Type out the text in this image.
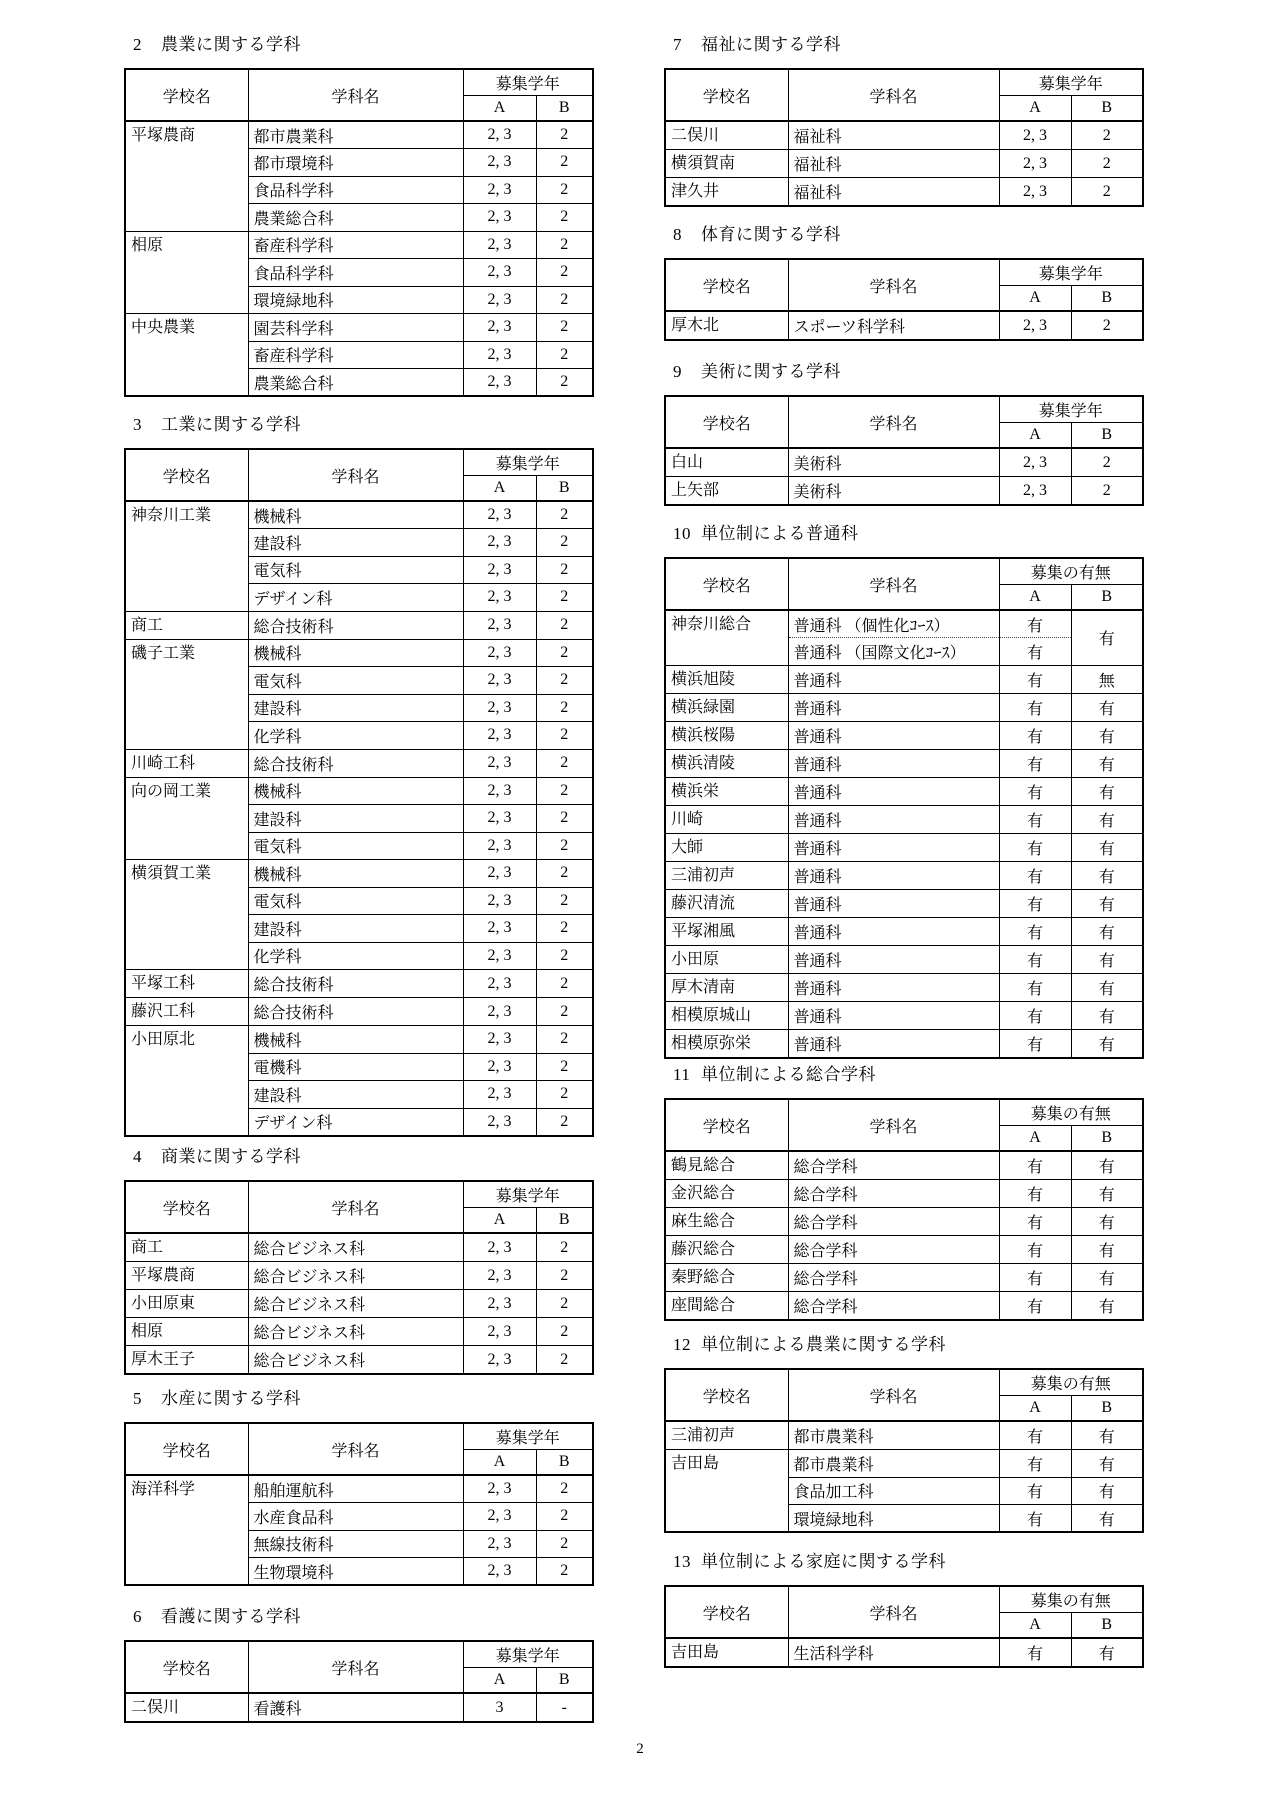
2
2 農業に関する学科
学校名	学科名	募集学年	
		A	B
平塚農商	都市農業科	2, 3	2
	都市環境科	2, 3	2
	食品科学科	2, 3	2
	農業総合科	2, 3	2
相原	畜産科学科	2, 3	2
	食品科学科	2, 3	2
	環境緑地科	2, 3	2
中央農業	園芸科学科	2, 3	2
	畜産科学科	2, 3	2
	農業総合科	2, 3	2
3 工業に関する学科
学校名	学科名	募集学年	
		A	B
神奈川工業	機械科	2, 3	2
	建設科	2, 3	2
	電気科	2, 3	2
	デザイン科	2, 3	2
商工	総合技術科	2, 3	2
磯子工業	機械科	2, 3	2
	電気科	2, 3	2
	建設科	2, 3	2
	化学科	2, 3	2
川崎工科	総合技術科	2, 3	2
向の岡工業	機械科	2, 3	2
	建設科	2, 3	2
	電気科	2, 3	2
横須賀工業	機械科	2, 3	2
	電気科	2, 3	2
	建設科	2, 3	2
	化学科	2, 3	2
平塚工科	総合技術科	2, 3	2
藤沢工科	総合技術科	2, 3	2
小田原北	機械科	2, 3	2
	電機科	2, 3	2
	建設科	2, 3	2
	デザイン科	2, 3	2
4 商業に関する学科
学校名	学科名	募集学年	
		A	B
商工	総合ビジネス科	2, 3	2
平塚農商	総合ビジネス科	2, 3	2
小田原東	総合ビジネス科	2, 3	2
相原	総合ビジネス科	2, 3	2
厚木王子	総合ビジネス科	2, 3	2
5 水産に関する学科
学校名	学科名	募集学年	
		A	B
海洋科学	船舶運航科	2, 3	2
	水産食品科	2, 3	2
	無線技術科	2, 3	2
	生物環境科	2, 3	2
6 看護に関する学科
学校名	学科名	募集学年	
		A	B
二俣川	看護科	3	-
7 福祉に関する学科
学校名	学科名	募集学年	
		A	B
二俣川	福祉科	2, 3	2
横須賀南	福祉科	2, 3	2
津久井	福祉科	2, 3	2
8 体育に関する学科
学校名	学科名	募集学年	
		A	B
厚木北	スポーツ科学科	2, 3	2
9 美術に関する学科
学校名	学科名	募集学年	
		A	B
白山	美術科	2, 3	2
上矢部	美術科	2, 3	2
10 単位制による普通科
学校名	学科名	募集の有無	
		A	B
神奈川総合	普通科 （個性化ｺｰｽ）	有	有
	普通科 （国際文化ｺｰｽ）	有	
横浜旭陵	普通科	有	無
横浜緑園	普通科	有	有
横浜桜陽	普通科	有	有
横浜清陵	普通科	有	有
横浜栄	普通科	有	有
川崎	普通科	有	有
大師	普通科	有	有
三浦初声	普通科	有	有
藤沢清流	普通科	有	有
平塚湘風	普通科	有	有
小田原	普通科	有	有
厚木清南	普通科	有	有
相模原城山	普通科	有	有
相模原弥栄	普通科	有	有
11 単位制による総合学科
学校名	学科名	募集の有無	
		A	B
鶴見総合	総合学科	有	有
金沢総合	総合学科	有	有
麻生総合	総合学科	有	有
藤沢総合	総合学科	有	有
秦野総合	総合学科	有	有
座間総合	総合学科	有	有
12 単位制による農業に関する学科
学校名	学科名	募集の有無	
		A	B
三浦初声	都市農業科	有	有
吉田島	都市農業科	有	有
	食品加工科	有	有
	環境緑地科	有	有
13 単位制による家庭に関する学科
学校名	学科名	募集の有無	
		A	B
吉田島	生活科学科	有	有
